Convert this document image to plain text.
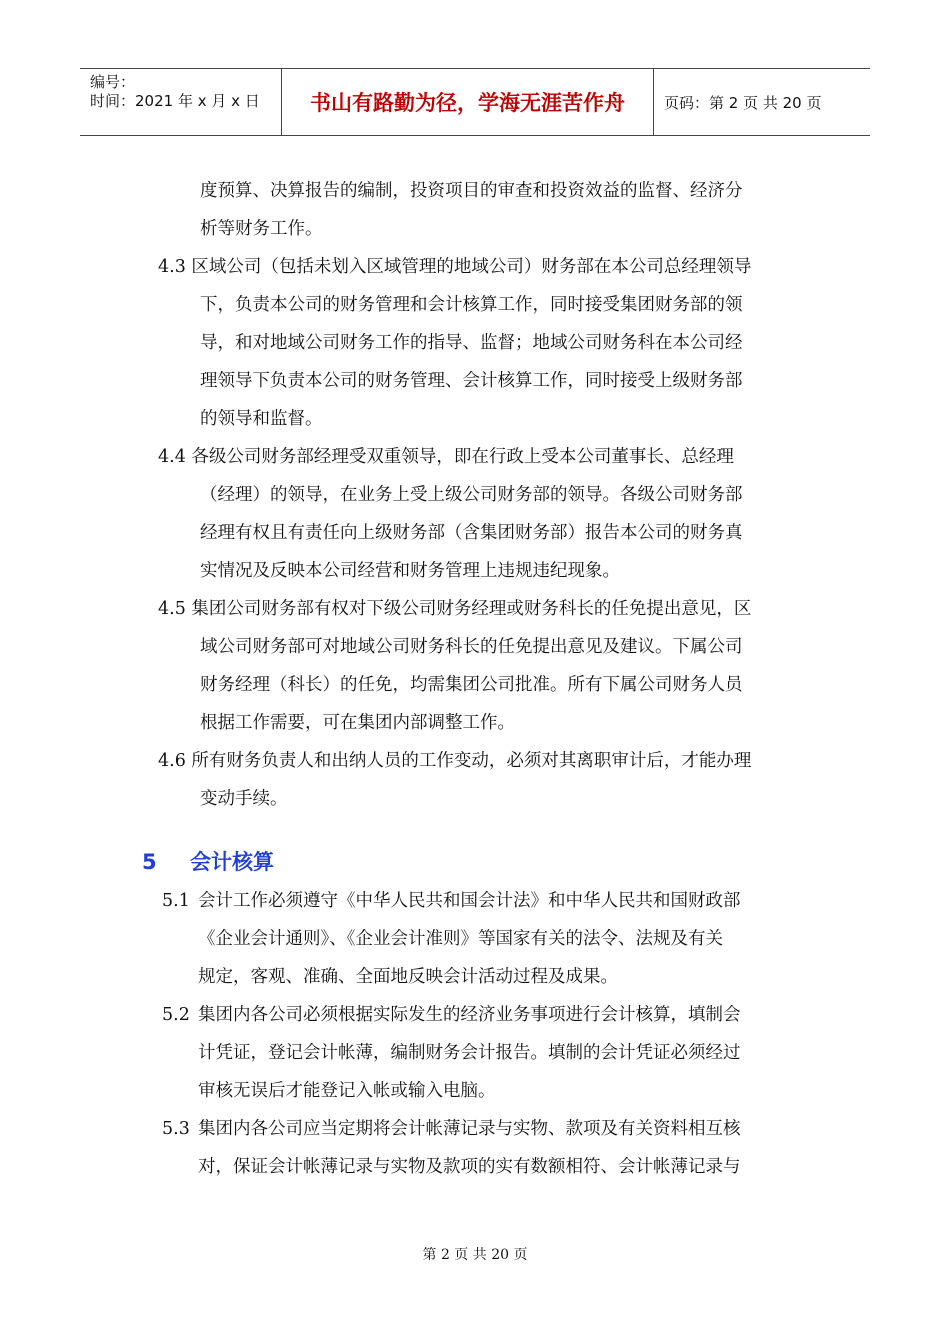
编号：
时间：2021 年 x 月 x 日	书山有路勤为径，学海无涯苦作舟	页码：第 2 页 共 20 页
度预算、决算报告的编制，投资项目的审查和投资效益的监督、经济分
析等财务工作。
4.3 区域公司（包括未划入区域管理的地域公司）财务部在本公司总经理领导
下，负责本公司的财务管理和会计核算工作，同时接受集团财务部的领
导，和对地域公司财务工作的指导、监督；地域公司财务科在本公司经
理领导下负责本公司的财务管理、会计核算工作，同时接受上级财务部
的领导和监督。
4.4 各级公司财务部经理受双重领导，即在行政上受本公司董事长、总经理
（经理）的领导，在业务上受上级公司财务部的领导。各级公司财务部
经理有权且有责任向上级财务部（含集团财务部）报告本公司的财务真
实情况及反映本公司经营和财务管理上违规违纪现象。
4.5 集团公司财务部有权对下级公司财务经理或财务科长的任免提出意见，区
域公司财务部可对地域公司财务科长的任免提出意见及建议。下属公司
财务经理（科长）的任免，均需集团公司批准。所有下属公司财务人员
根据工作需要，可在集团内部调整工作。
4.6 所有财务负责人和出纳人员的工作变动，必须对其离职审计后，才能办理
变动手续。
5 会计核算
5.1 会计工作必须遵守《中华人民共和国会计法》和中华人民共和国财政部
《企业会计通则》、《企业会计准则》等国家有关的法令、法规及有关
规定，客观、准确、全面地反映会计活动过程及成果。
5.2 集团内各公司必须根据实际发生的经济业务事项进行会计核算，填制会
计凭证，登记会计帐薄，编制财务会计报告。填制的会计凭证必须经过
审核无误后才能登记入帐或输入电脑。
5.3 集团内各公司应当定期将会计帐薄记录与实物、款项及有关资料相互核
对，保证会计帐薄记录与实物及款项的实有数额相符、会计帐薄记录与
第 2 页 共 20 页
